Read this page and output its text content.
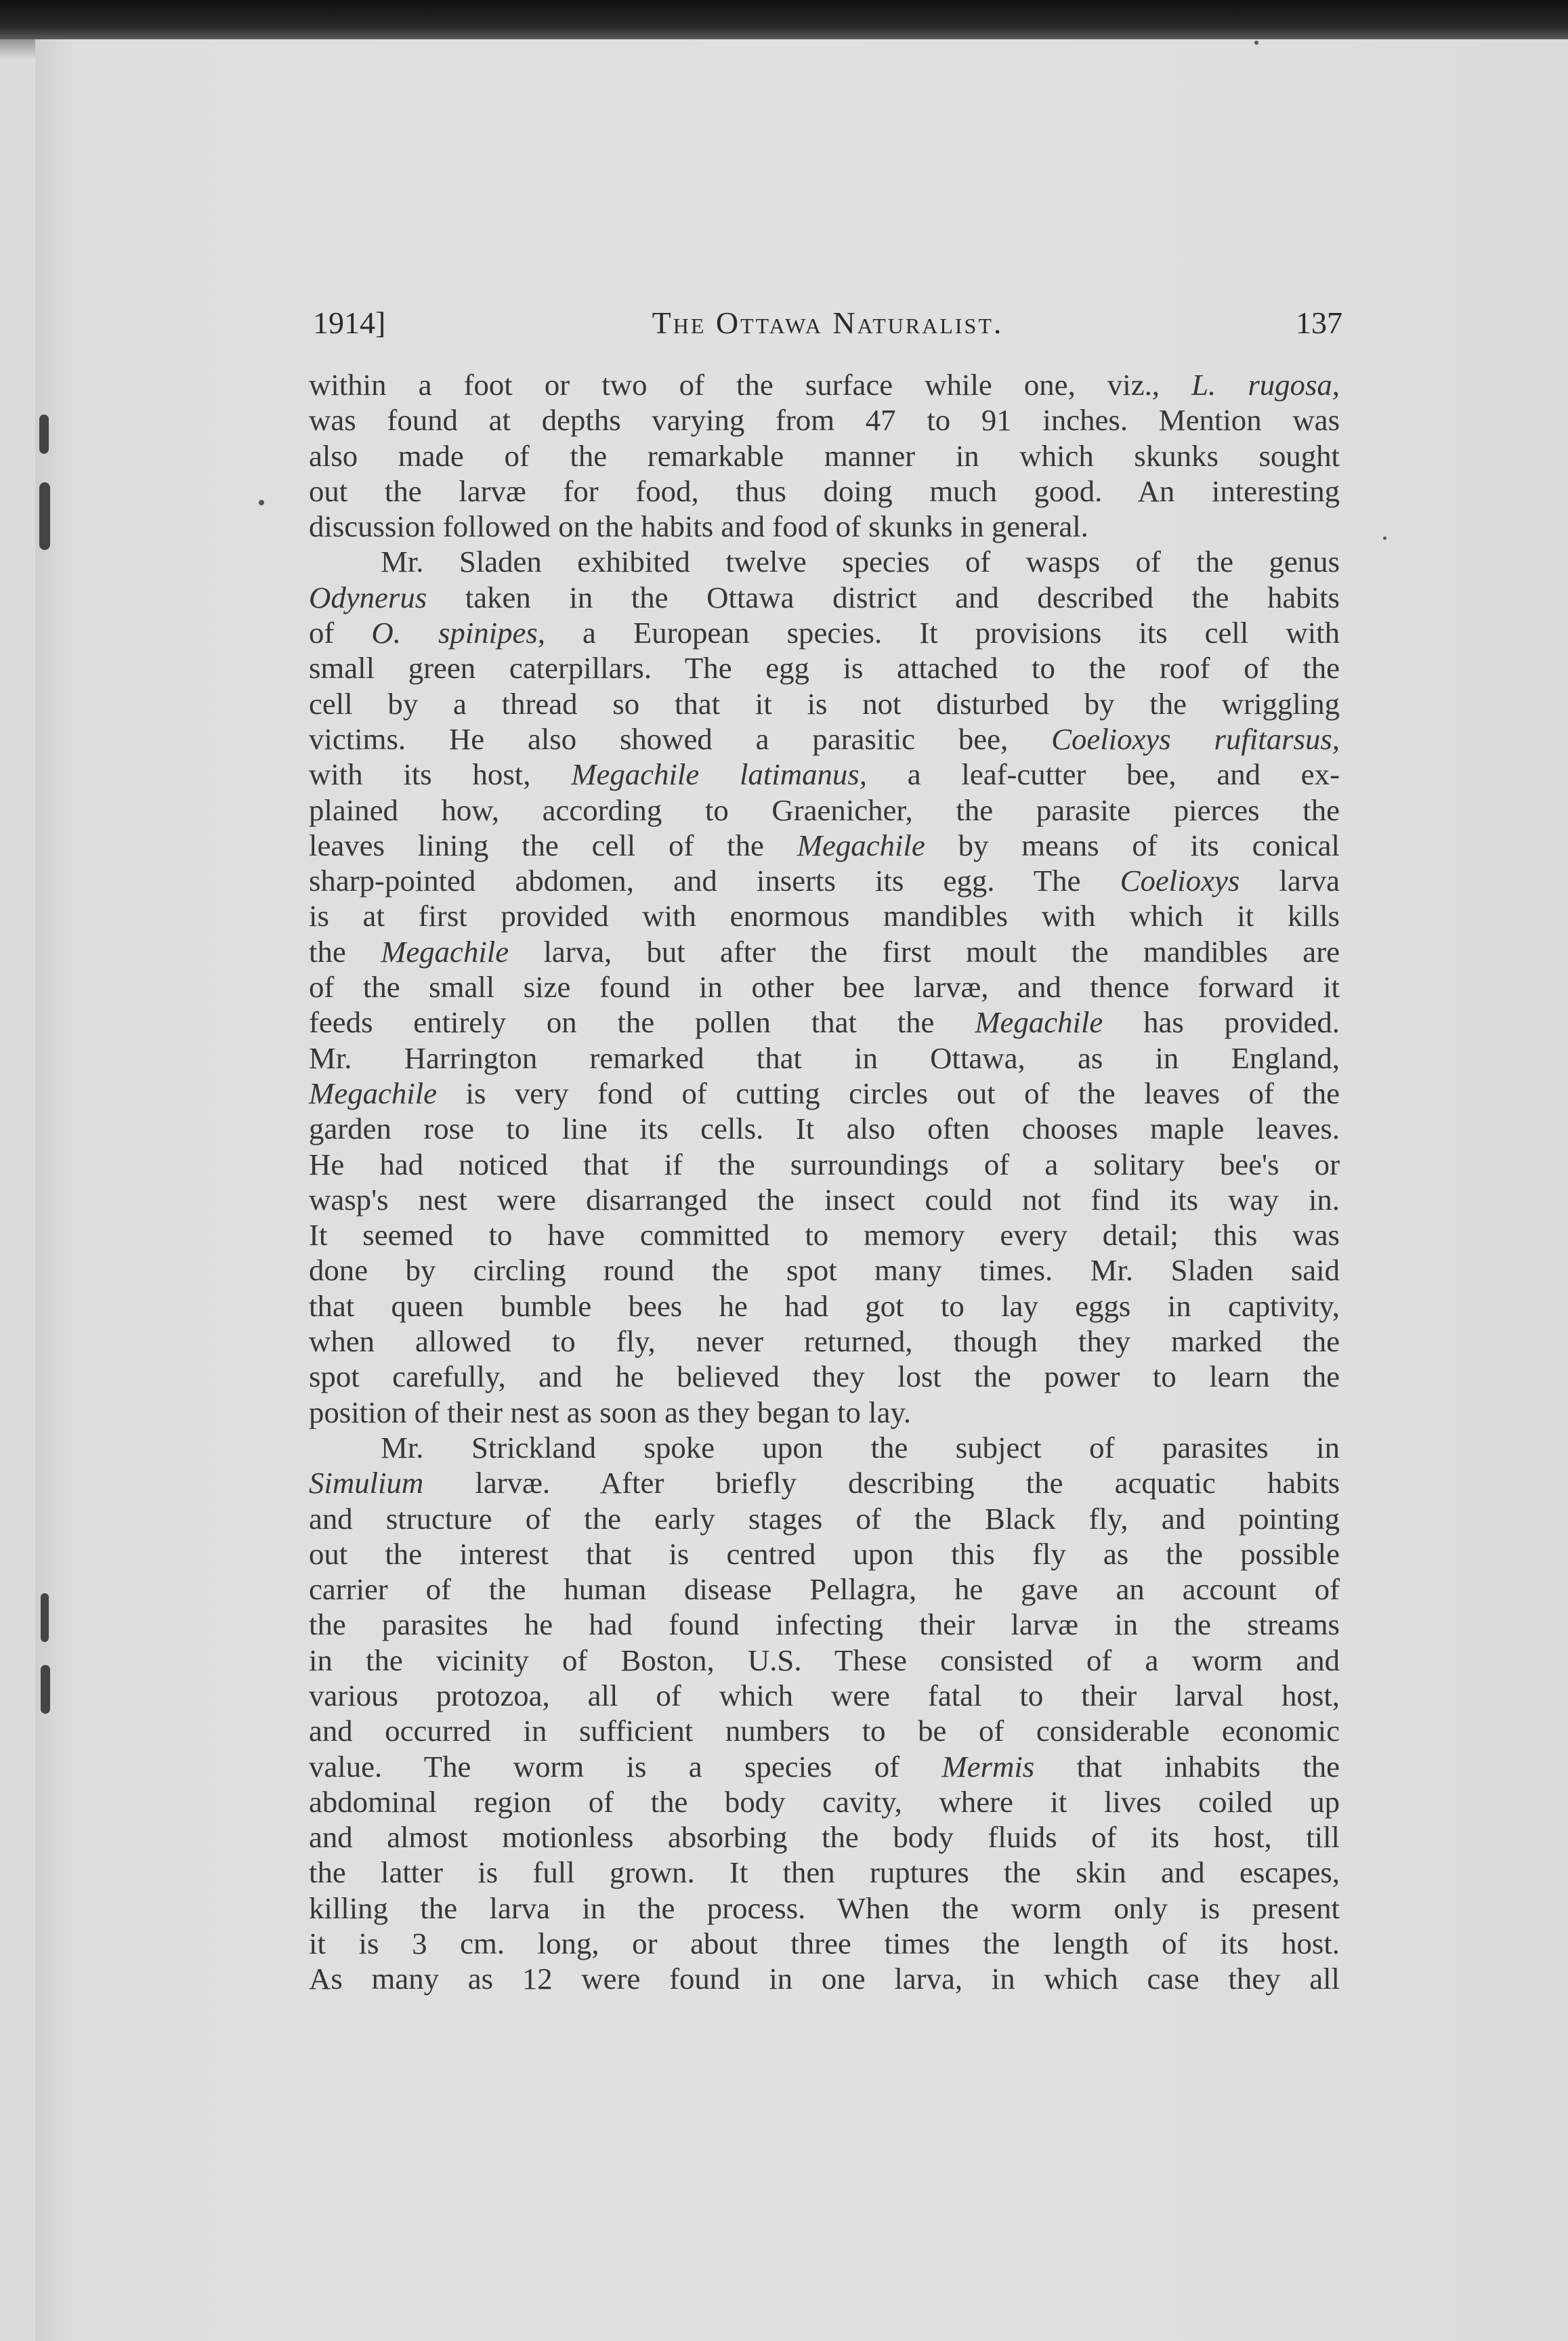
1914]	The Ottawa Naturalist.	137
within a foot or two of the surface while one, viz., L. rugosa,
was found at depths varying from 47 to 91 inches. Mention was
also made of the remarkable manner in which skunks sought
out the larvæ for food, thus doing much good. An interesting
discussion followed on the habits and food of skunks in general.
Mr. Sladen exhibited twelve species of wasps of the genus
Odynerus taken in the Ottawa district and described the habits
of O. spinipes, a European species. It provisions its cell with
small green caterpillars. The egg is attached to the roof of the
cell by a thread so that it is not disturbed by the wriggling
victims. He also showed a parasitic bee, Coelioxys rufitarsus,
with its host, Megachile latimanus, a leaf-cutter bee, and ex-
plained how, according to Graenicher, the parasite pierces the
leaves lining the cell of the Megachile by means of its conical
sharp-pointed abdomen, and inserts its egg. The Coelioxys larva
is at first provided with enormous mandibles with which it kills
the Megachile larva, but after the first moult the mandibles are
of the small size found in other bee larvæ, and thence forward it
feeds entirely on the pollen that the Megachile has provided.
Mr. Harrington remarked that in Ottawa, as in England,
Megachile is very fond of cutting circles out of the leaves of the
garden rose to line its cells. It also often chooses maple leaves.
He had noticed that if the surroundings of a solitary bee's or
wasp's nest were disarranged the insect could not find its way in.
It seemed to have committed to memory every detail; this was
done by circling round the spot many times. Mr. Sladen said
that queen bumble bees he had got to lay eggs in captivity,
when allowed to fly, never returned, though they marked the
spot carefully, and he believed they lost the power to learn the
position of their nest as soon as they began to lay.
Mr. Strickland spoke upon the subject of parasites in
Simulium larvæ. After briefly describing the acquatic habits
and structure of the early stages of the Black fly, and pointing
out the interest that is centred upon this fly as the possible
carrier of the human disease Pellagra, he gave an account of
the parasites he had found infecting their larvæ in the streams
in the vicinity of Boston, U.S. These consisted of a worm and
various protozoa, all of which were fatal to their larval host,
and occurred in sufficient numbers to be of considerable economic
value. The worm is a species of Mermis that inhabits the
abdominal region of the body cavity, where it lives coiled up
and almost motionless absorbing the body fluids of its host, till
the latter is full grown. It then ruptures the skin and escapes,
killing the larva in the process. When the worm only is present
it is 3 cm. long, or about three times the length of its host.
As many as 12 were found in one larva, in which case they all
